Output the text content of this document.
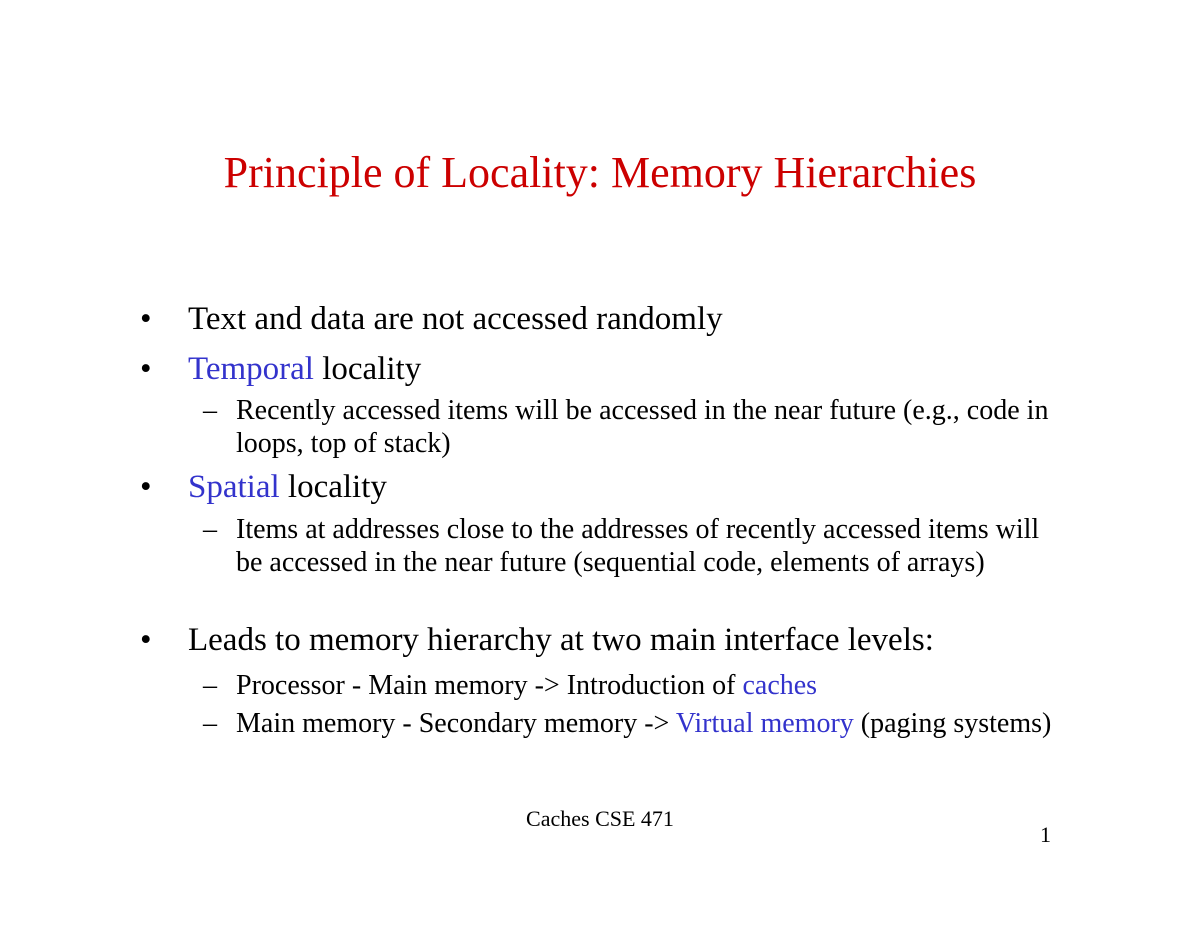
Principle of Locality: Memory Hierarchies
• Text and data are not accessed randomly
• Temporal locality
– Recently accessed items will be accessed in the near future (e.g., code in loops, top of stack)
• Spatial locality
– Items at addresses close to the addresses of recently accessed items will be accessed in the near future (sequential code, elements of arrays)
• Leads to memory hierarchy at two main interface levels:
– Processor - Main memory -> Introduction of caches
– Main memory - Secondary memory -> Virtual memory (paging systems)
Caches CSE 471
1
